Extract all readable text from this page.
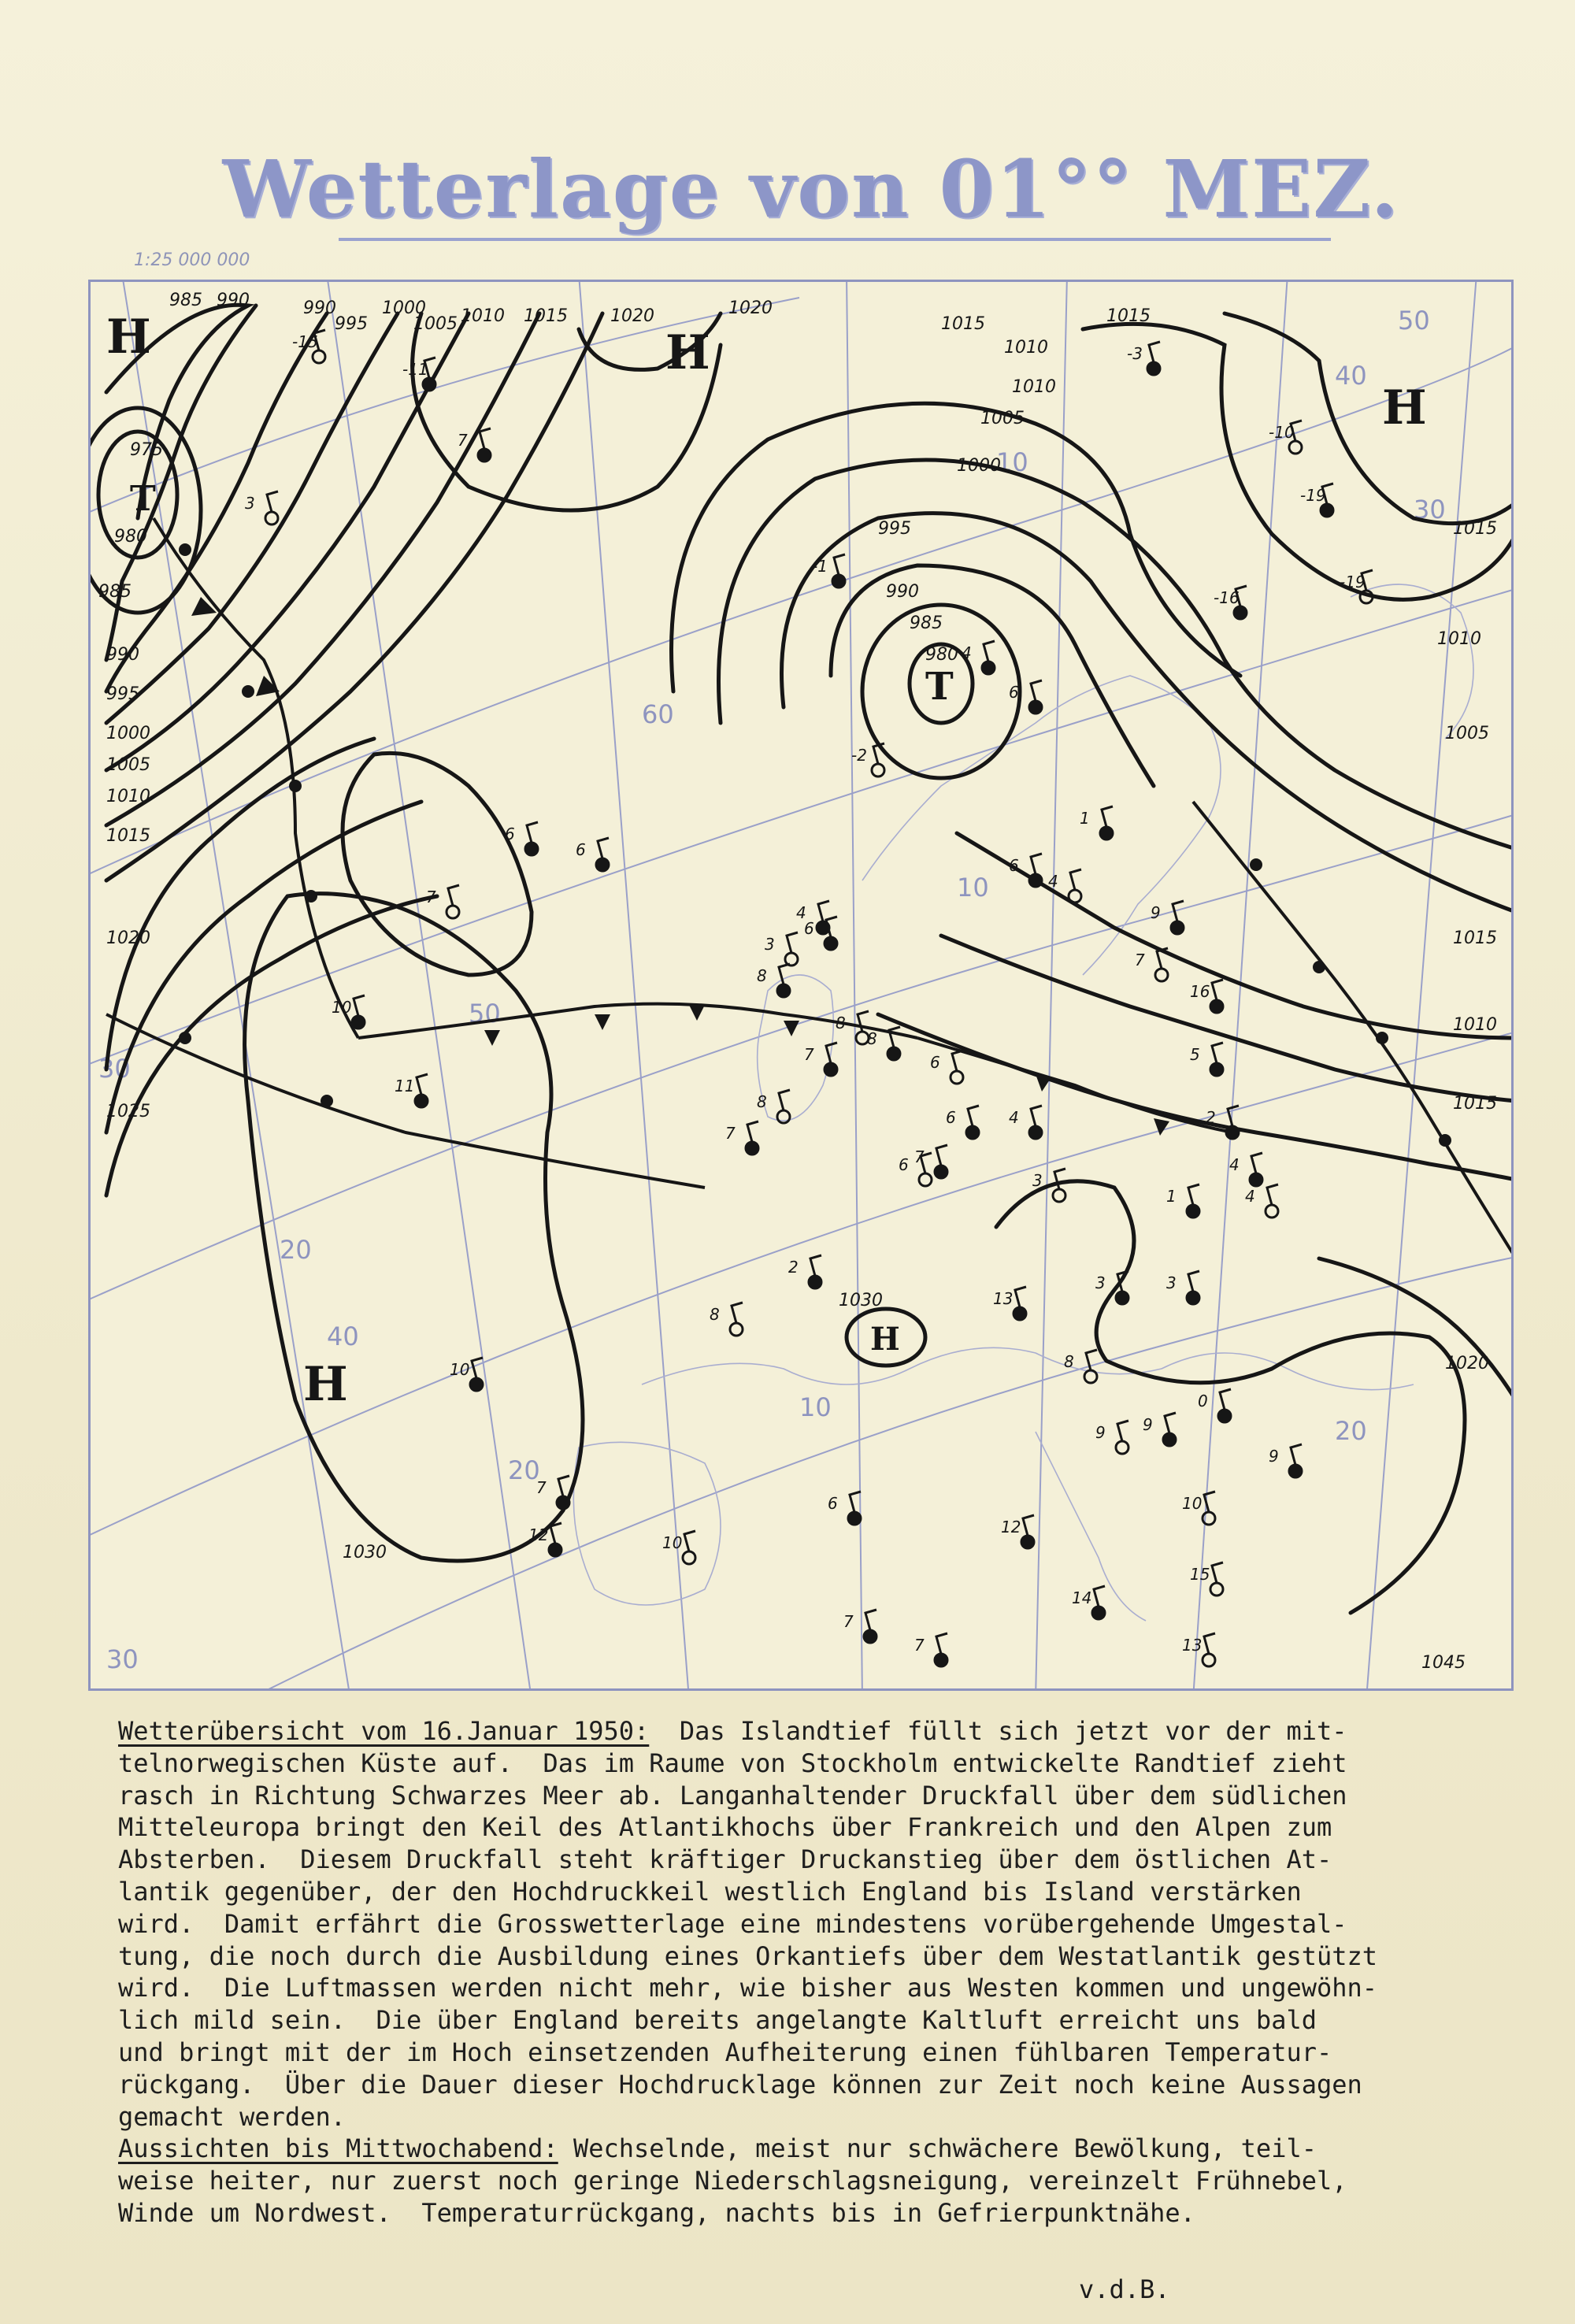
Wetterlage von 01°° MEZ.
1:25 000 000
60
50
40
30
20
10
10
20
30
40
50
30
20
10
985 990	990
995
1000
1005 1010 1015 1020	1020
1015
1010
1015
1010
1005
1000
995
990
985
980
975
980
985
990
995
1000
1005
1010
1015
1020
1025
1030
1030
1015
1010
1005
1015
1010
1015
1020
1045
H	H
H
H
T
T
H
-15
-11
7
3
-1
-3
-10
-19
-16
-19
6
4
-2
1
6
4
9
6
7
6
4
3
6
8
8
7
8
6
10
11
8
7
7
3
4
2
8
13
3
8
3
9
9
9
0
10
6
12
10
12
14
15
7
7	13
1
16
7
5
2
4
6	4
6
7
10
Wetterübersicht vom 16.Januar 1950:  Das Islandtief füllt sich jetzt vor der mit-
telnorwegischen Küste auf.  Das im Raume von Stockholm entwickelte Randtief zieht
rasch in Richtung Schwarzes Meer ab. Langanhaltender Druckfall über dem südlichen
Mitteleuropa bringt den Keil des Atlantikhochs über Frankreich und den Alpen zum
Absterben.  Diesem Druckfall steht kräftiger Druckanstieg über dem östlichen At-
lantik gegenüber, der den Hochdruckkeil westlich England bis Island verstärken
wird.  Damit erfährt die Grosswetterlage eine mindestens vorübergehende Umgestal-
tung, die noch durch die Ausbildung eines Orkantiefs über dem Westatlantik gestützt
wird.  Die Luftmassen werden nicht mehr, wie bisher aus Westen kommen und ungewöhn-
lich mild sein.  Die über England bereits angelangte Kaltluft erreicht uns bald
und bringt mit der im Hoch einsetzenden Aufheiterung einen fühlbaren Temperatur-
rückgang.  Über die Dauer dieser Hochdrucklage können zur Zeit noch keine Aussagen
gemacht werden.
Aussichten bis Mittwochabend: Wechselnde, meist nur schwächere Bewölkung, teil-
weise heiter, nur zuerst noch geringe Niederschlagsneigung, vereinzelt Frühnebel,
Winde um Nordwest.  Temperaturrückgang, nachts bis in Gefrierpunktnähe.
v.d.B.
